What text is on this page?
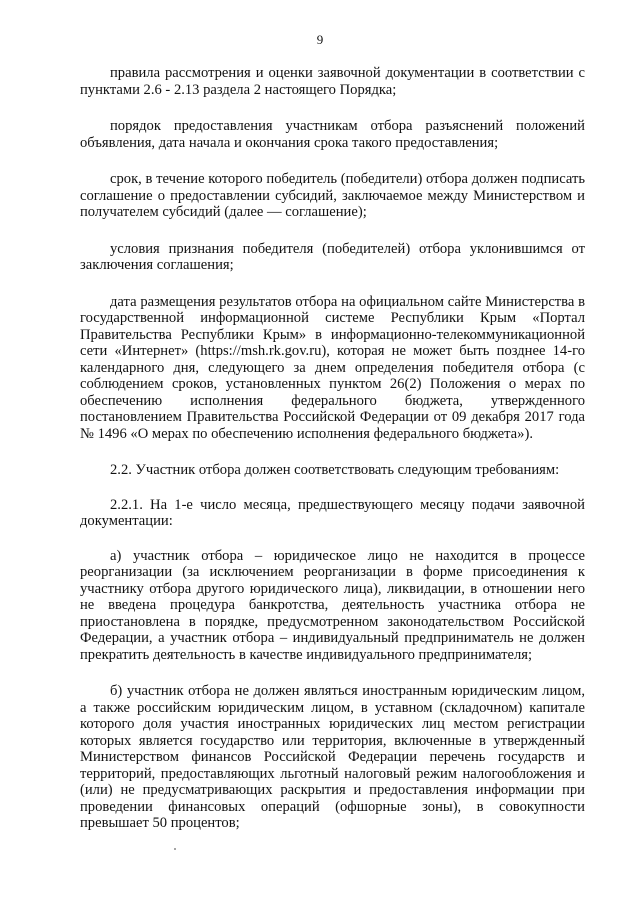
9

правила рассмотрения и оценки заявочной документации в соответствии с пунктами 2.6 - 2.13 раздела 2 настоящего Порядка;

порядок предоставления участникам отбора разъяснений положений объявления, дата начала и окончания срока такого предоставления;

срок, в течение которого победитель (победители) отбора должен подписать соглашение о предоставлении субсидий, заключаемое между Министерством и получателем субсидий (далее — соглашение);

условия признания победителя (победителей) отбора уклонившимся от заключения соглашения;

дата размещения результатов отбора на официальном сайте Министерства в государственной информационной системе Республики Крым «Портал Правительства Республики Крым» в информационно-телекоммуникационной сети «Интернет» (https://msh.rk.gov.ru), которая не может быть позднее 14-го календарного дня, следующего за днем определения победителя отбора (с соблюдением сроков, установленных пунктом 26(2) Положения о мерах по обеспечению исполнения федерального бюджета, утвержденного постановлением Правительства Российской Федерации от 09 декабря 2017 года № 1496 «О мерах по обеспечению исполнения федерального бюджета»).

2.2. Участник отбора должен соответствовать следующим требованиям:

2.2.1. На 1-е число месяца, предшествующего месяцу подачи заявочной документации:

а) участник отбора – юридическое лицо не находится в процессе реорганизации (за исключением реорганизации в форме присоединения к участнику отбора другого юридического лица), ликвидации, в отношении него не введена процедура банкротства, деятельность участника отбора не приостановлена в порядке, предусмотренном законодательством Российской Федерации, а участник отбора – индивидуальный предприниматель не должен прекратить деятельность в качестве индивидуального предпринимателя;

б) участник отбора не должен являться иностранным юридическим лицом, а также российским юридическим лицом, в уставном (складочном) капитале которого доля участия иностранных юридических лиц местом регистрации которых является государство или территория, включенные в утвержденный Министерством финансов Российской Федерации перечень государств и территорий, предоставляющих льготный налоговый режим налогообложения и (или) не предусматривающих раскрытия и предоставления информации при проведении финансовых операций (офшорные зоны), в совокупности превышает 50 процентов;
